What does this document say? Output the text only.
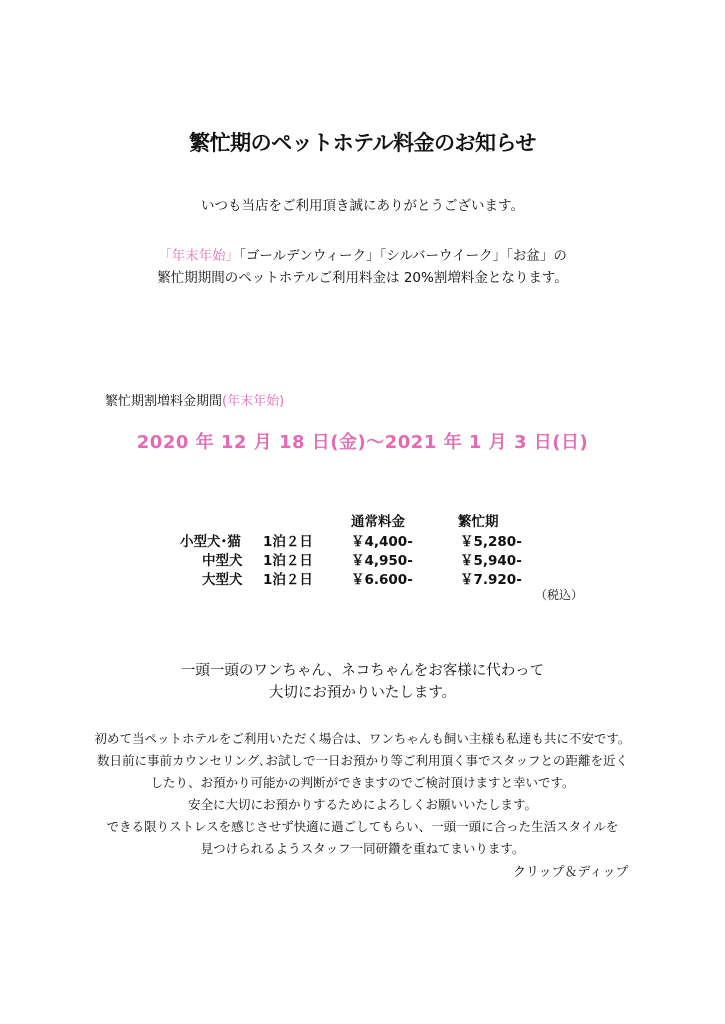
繁忙期のペットホテル料金のお知らせ
いつも当店をご利用頂き誠にありがとうございます。
「年末年始」「ゴールデンウィーク」「シルバーウイーク」「お盆」の
繁忙期期間のペットホテルご利用料金は 20%割増料金となります。
繁忙期割増料金期間(年末年始)
2020 年 12 月 18 日(金)～2021 年 1 月 3 日(日)
通常料金	繁忙期
小型犬･猫 1泊２日	￥4,400-	￥5,280-
中型犬 1泊２日	￥4,950-	￥5,940-
大型犬 1泊２日	￥6.600-	￥7.920-
（税込）
一頭一頭のワンちゃん、ネコちゃんをお客様に代わって
大切にお預かりいたします。
初めて当ペットホテルをご利用いただく場合は、ワンちゃんも飼い主様も私達も共に不安です。
数日前に事前カウンセリング､お試しで一日お預かり等ご利用頂く事でスタッフとの距離を近く
したり、お預かり可能かの判断ができますのでご検討頂けますと幸いです。
安全に大切にお預かりするためによろしくお願いいたします。
できる限りストレスを感じさせず快適に過ごしてもらい、一頭一頭に合った生活スタイルを
見つけられるようスタッフ一同研鑽を重ねてまいります。
クリップ＆ディップ
